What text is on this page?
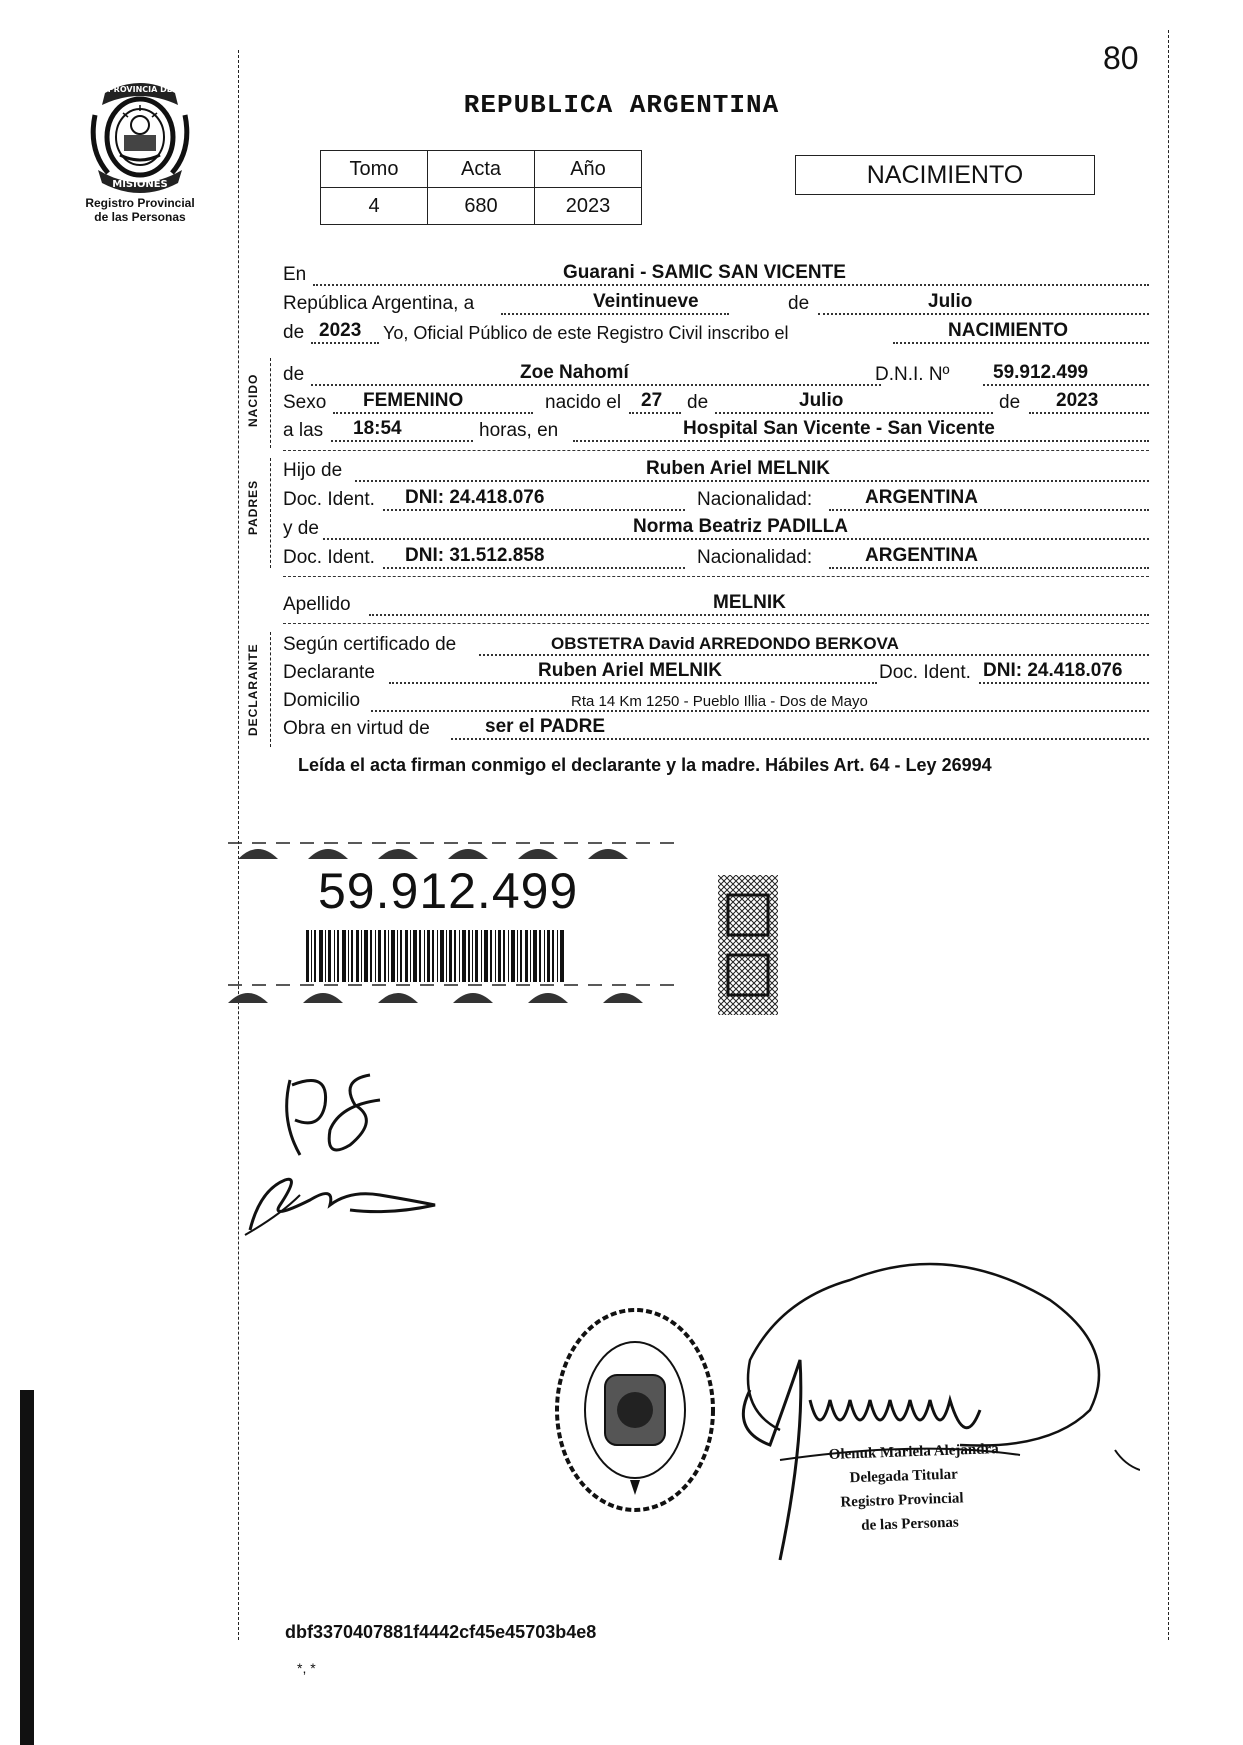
80
PROVINCIA DE
MISIONES
Registro Provincial
de las Personas
REPUBLICA ARGENTINA
Tomo	Acta	Año
4	680	2023
NACIMIENTO
En	Guarani - SAMIC SAN VICENTE
República Argentina, a	Veintinueve	de	Julio
de 2023 Yo, Oficial Público de este Registro Civil inscribo el	NACIMIENTO
NACIDO de	Zoe Nahomí	D.N.I. Nº 59.912.499
Sexo FEMENINO	nacido el 27 de	Julio	de 2023
a las 18:54	horas, en	Hospital San Vicente - San Vicente
PADRES
Hijo de	Ruben Ariel MELNIK
Doc. Ident. DNI: 24.418.076	Nacionalidad:	ARGENTINA
y de	Norma Beatriz PADILLA
Doc. Ident. DNI: 31.512.858	Nacionalidad:	ARGENTINA
Apellido	MELNIK
DECLARANTE Según certificado de	OBSTETRA David ARREDONDO BERKOVA
Declarante	Ruben Ariel MELNIK	Doc. Ident. DNI: 24.418.076
Domicilio	Rta 14 Km 1250 - Pueblo Illia - Dos de Mayo
Obra en virtud de	ser el PADRE
Leída el acta firman conmigo el declarante y la madre. Hábiles Art. 64 - Ley 26994
59.912.499
Olenuk Mariela Alejandra
Delegada Titular
Registro Provincial
de las Personas
dbf3370407881f4442cf45e45703b4e8
*, *
